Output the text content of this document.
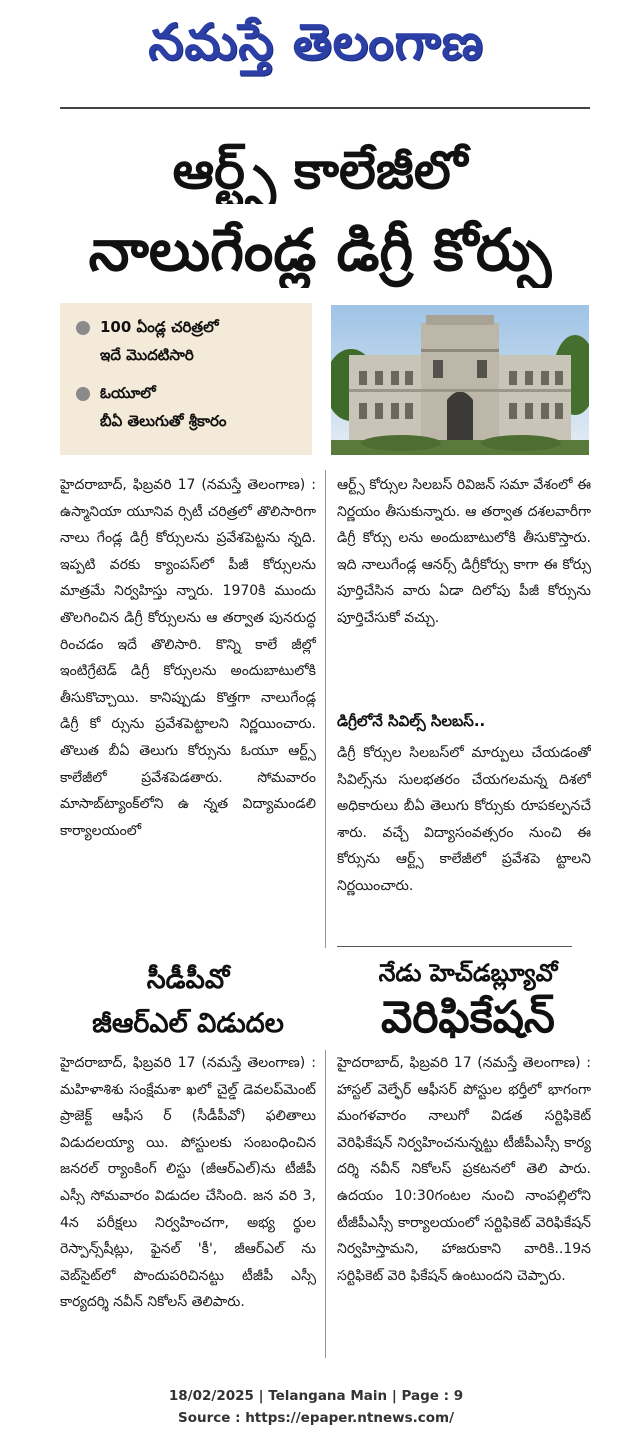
నమస్తే తెలంగాణ
ఆర్ట్స్ కాలేజీలో
నాలుగేండ్ల డిగ్రీ కోర్సు
100 ఏండ్ల చరిత్రలో
ఇదే మొదటిసారి
ఓయూలో
బీఏ తెలుగుతో శ్రీకారం
హైదరాబాద్, ఫిబ్రవరి 17 (నమస్తే తెలంగాణ) : ఉస్మానియా యూనివ ర్సిటీ చరిత్రలో తొలిసారిగా నాలు గేండ్ల డిగ్రీ కోర్సులను ప్రవేశపెట్టను న్నది. ఇప్పటి వరకు క్యాంపస్‌లో పీజీ కోర్సులను మాత్రమే నిర్వహిస్తు న్నారు. 1970కి ముందు తొలగించిన డిగ్రీ కోర్సులను ఆ తర్వాత పునరుద్ధ రించడం ఇదే తొలిసారి. కొన్ని కాలే జీల్లో ఇంటిగ్రేటెడ్ డిగ్రీ కోర్సులను అందుబాటులోకి తీసుకొచ్చాయి. కానిప్పుడు కొత్తగా నాలుగేండ్ల డిగ్రీ కో ర్సును ప్రవేశపెట్టాలని నిర్ణయించారు. తొలుత బీఏ తెలుగు కోర్సును ఓయూ ఆర్ట్స్ కాలేజీలో ప్రవేశపెడతారు. సోమవారం మాసాబ్‌ట్యాంక్‌లోని ఉ న్నత విద్యామండలి కార్యాలయంలో
ఆర్ట్స్ కోర్సుల సిలబస్ రివిజన్ సమా వేశంలో ఈ నిర్ణయం తీసుకున్నారు. ఆ తర్వాత దశలవారీగా డిగ్రీ కోర్సు లను అందుబాటులోకి తీసుకొస్తారు. ఇది నాలుగేండ్ల ఆనర్స్ డిగ్రీకోర్సు కాగా ఈ కోర్సు పూర్తిచేసిన వారు ఏడా దిలోపు పీజీ కోర్సును పూర్తిచేసుకో వచ్చు.
డిగ్రీలోనే సివిల్స్ సిలబస్..
డిగ్రీ కోర్సుల సిలబస్‌లో మార్పులు చేయడంతో సివిల్స్‌ను సులభతరం చేయగలమన్న దిశలో అధికారులు బీఏ తెలుగు కోర్సుకు రూపకల్పనచే శారు. వచ్చే విద్యాసంవత్సరం నుంచి ఈ కోర్సును ఆర్ట్స్ కాలేజీలో ప్రవేశపె ట్టాలని నిర్ణయించారు.
సీడీపీవో
జీఆర్‌ఎల్ విడుదల
హైదరాబాద్, ఫిబ్రవరి 17 (నమస్తే తెలంగాణ) : మహిళాశిశు సంక్షేమశా ఖలో చైల్డ్ డెవలప్‌మెంట్ ప్రాజెక్ట్ ఆఫీస ర్ (సీడీపీవో) ఫలితాలు విడుదలయ్యా యి. పోస్టులకు సంబంధించిన జనరల్ ర్యాంకింగ్ లిస్టు (జీఆర్‌ఎల్)ను టీజీపీ ఎస్సీ సోమవారం విడుదల చేసింది. జన వరి 3, 4న పరీక్షలు నిర్వహించగా, అభ్య ర్థుల రెస్పాన్స్‌షీట్లు, ఫైనల్ 'కీ', జీఆర్‌ఎల్ ను వెబ్‌సైట్‌లో పొందుపరిచినట్టు టీజీపీ ఎస్సీ కార్యదర్శి నవీన్ నికోలస్ తెలిపారు.
నేడు హెచ్‌డబ్ల్యూవో
వెరిఫికేషన్
హైదరాబాద్, ఫిబ్రవరి 17 (నమస్తే తెలంగాణ) : హాస్టల్ వెల్ఫేర్ ఆఫీసర్ పోస్టుల భర్తీలో భాగంగా మంగళవారం నాలుగో విడత సర్టిఫికెట్ వెరిఫికేషన్ నిర్వహించనున్నట్టు టీజీపీఎస్సీ కార్య దర్శి నవీన్ నికోలస్ ప్రకటనలో తెలి పారు. ఉదయం 10:30గంటల నుంచి నాంపల్లిలోని టీజీపీఎస్సీ కార్యాలయంలో సర్టిఫికెట్ వెరిఫికేషన్ నిర్వహిస్తామని, హాజరుకాని వారికి..19న సర్టిఫికెట్ వెరి ఫికేషన్ ఉంటుందని చెప్పారు.
18/02/2025 | Telangana Main | Page : 9
Source : https://epaper.ntnews.com/
